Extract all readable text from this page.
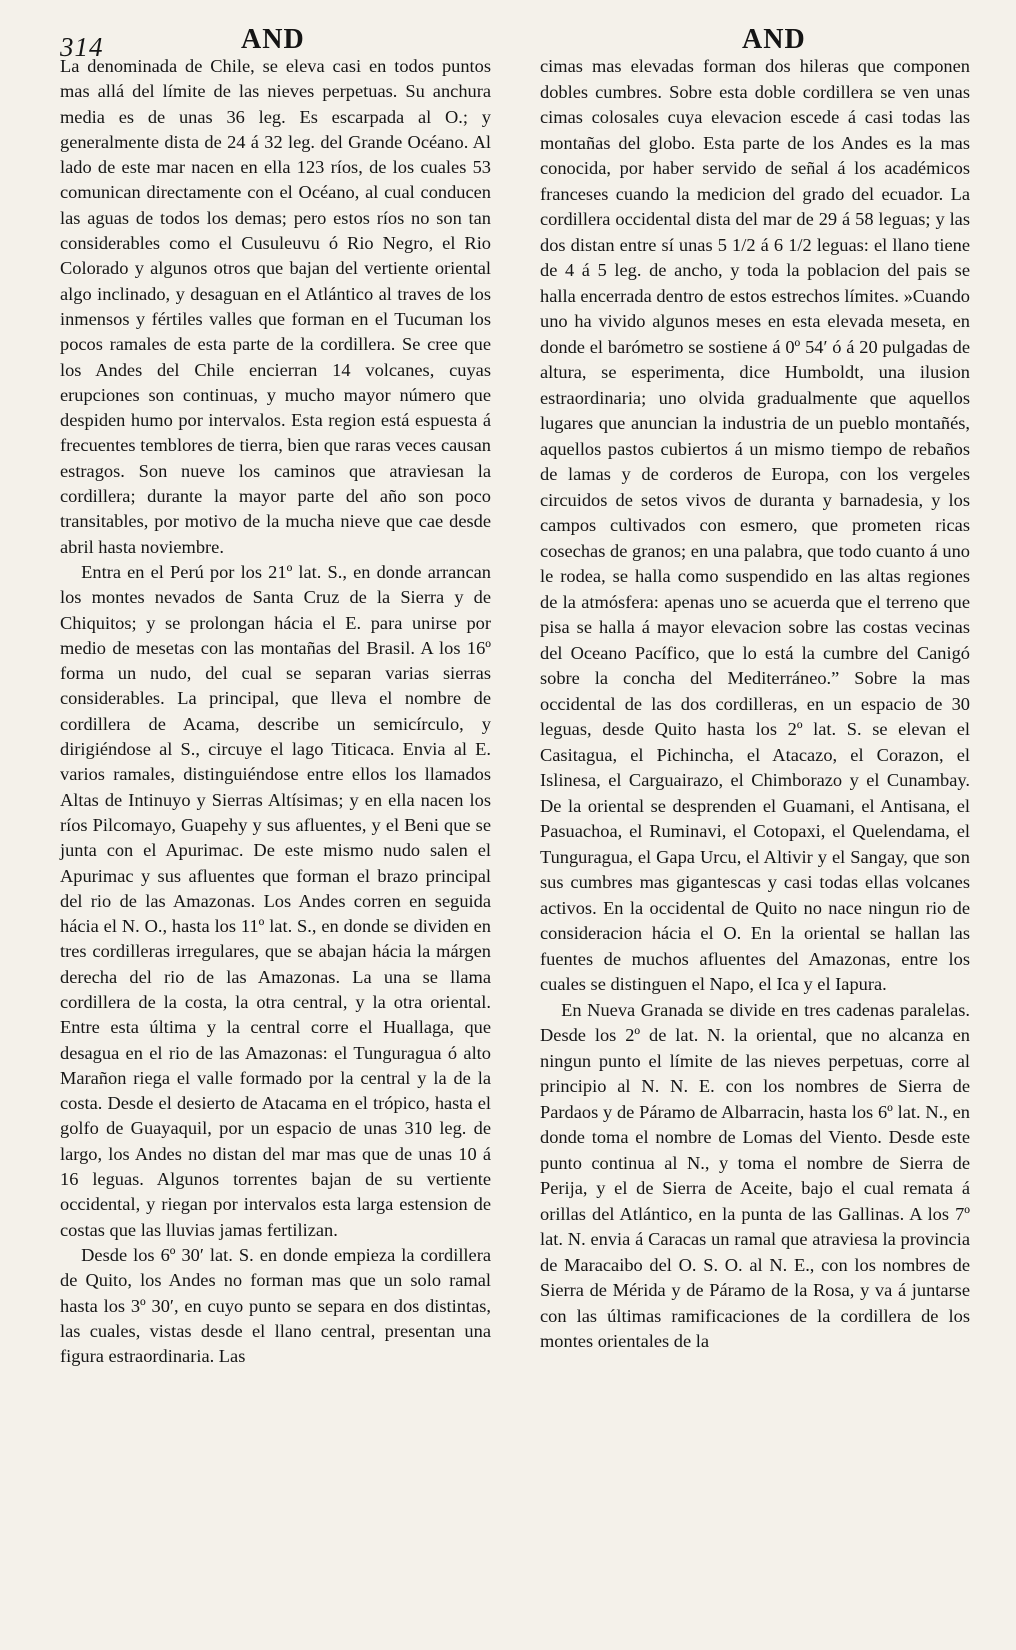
314	AND	AND

La denominada de Chile, se eleva casi en todos puntos mas allá del límite de las nieves perpetuas. Su anchura media es de unas 36 leg. Es escarpada al O.; y generalmente dista de 24 á 32 leg. del Grande Océano. Al lado de este mar nacen en ella 123 ríos, de los cuales 53 comunican directamente con el Océano, al cual conducen las aguas de todos los demas; pero estos ríos no son tan considerables como el Cusuleuvu ó Rio Negro, el Rio Colorado y algunos otros que bajan del vertiente oriental algo inclinado, y desaguan en el Atlántico al traves de los inmensos y fértiles valles que forman en el Tucuman los pocos ramales de esta parte de la cordillera. Se cree que los Andes del Chile encierran 14 volcanes, cuyas erupciones son continuas, y mucho mayor número que despiden humo por intervalos. Esta region está espuesta á frecuentes temblores de tierra, bien que raras veces causan estragos. Son nueve los caminos que atraviesan la cordillera; durante la mayor parte del año son poco transitables, por motivo de la mucha nieve que cae desde abril hasta noviembre.

Entra en el Perú por los 21º lat. S., en donde arrancan los montes nevados de Santa Cruz de la Sierra y de Chiquitos; y se prolongan hácia el E. para unirse por medio de mesetas con las montañas del Brasil. A los 16º forma un nudo, del cual se separan varias sierras considerables. La principal, que lleva el nombre de cordillera de Acama, describe un semicírculo, y dirigiéndose al S., circuye el lago Titicaca. Envia al E. varios ramales, distinguiéndose entre ellos los llamados Altas de Intinuyo y Sierras Altísimas; y en ella nacen los ríos Pilcomayo, Guapehy y sus afluentes, y el Beni que se junta con el Apurimac. De este mismo nudo salen el Apurimac y sus afluentes que forman el brazo principal del rio de las Amazonas. Los Andes corren en seguida hácia el N. O., hasta los 11º lat. S., en donde se dividen en tres cordilleras irregulares, que se abajan hácia la márgen derecha del rio de las Amazonas. La una se llama cordillera de la costa, la otra central, y la otra oriental. Entre esta última y la central corre el Huallaga, que desagua en el rio de las Amazonas: el Tunguragua ó alto Marañon riega el valle formado por la central y la de la costa. Desde el desierto de Atacama en el trópico, hasta el golfo de Guayaquil, por un espacio de unas 310 leg. de largo, los Andes no distan del mar mas que de unas 10 á 16 leguas. Algunos torrentes bajan de su vertiente occidental, y riegan por intervalos esta larga estension de costas que las lluvias jamas fertilizan.

Desde los 6º 30′ lat. S. en donde empieza la cordillera de Quito, los Andes no forman mas que un solo ramal hasta los 3º 30′, en cuyo punto se separa en dos distintas, las cuales, vistas desde el llano central, presentan una figura estraordinaria. Las

cimas mas elevadas forman dos hileras que componen dobles cumbres. Sobre esta doble cordillera se ven unas cimas colosales cuya elevacion escede á casi todas las montañas del globo. Esta parte de los Andes es la mas conocida, por haber servido de señal á los académicos franceses cuando la medicion del grado del ecuador. La cordillera occidental dista del mar de 29 á 58 leguas; y las dos distan entre sí unas 5 1/2 á 6 1/2 leguas: el llano tiene de 4 á 5 leg. de ancho, y toda la poblacion del pais se halla encerrada dentro de estos estrechos límites. »Cuando uno ha vivido algunos meses en esta elevada meseta, en donde el barómetro se sostiene á 0º 54′ ó á 20 pulgadas de altura, se esperimenta, dice Humboldt, una ilusion estraordinaria; uno olvida gradualmente que aquellos lugares que anuncian la industria de un pueblo montañés, aquellos pastos cubiertos á un mismo tiempo de rebaños de lamas y de corderos de Europa, con los vergeles circuidos de setos vivos de duranta y barnadesia, y los campos cultivados con esmero, que prometen ricas cosechas de granos; en una palabra, que todo cuanto á uno le rodea, se halla como suspendido en las altas regiones de la atmósfera: apenas uno se acuerda que el terreno que pisa se halla á mayor elevacion sobre las costas vecinas del Oceano Pacífico, que lo está la cumbre del Canigó sobre la concha del Mediterráneo.” Sobre la mas occidental de las dos cordilleras, en un espacio de 30 leguas, desde Quito hasta los 2º lat. S. se elevan el Casitagua, el Pichincha, el Atacazo, el Corazon, el Islinesa, el Carguairazo, el Chimborazo y el Cunambay. De la oriental se desprenden el Guamani, el Antisana, el Pasuachoa, el Ruminavi, el Cotopaxi, el Quelendama, el Tunguragua, el Gapa Urcu, el Altivir y el Sangay, que son sus cumbres mas gigantescas y casi todas ellas volcanes activos. En la occidental de Quito no nace ningun rio de consideracion hácia el O. En la oriental se hallan las fuentes de muchos afluentes del Amazonas, entre los cuales se distinguen el Napo, el Ica y el Iapura.

En Nueva Granada se divide en tres cadenas paralelas. Desde los 2º de lat. N. la oriental, que no alcanza en ningun punto el límite de las nieves perpetuas, corre al principio al N. N. E. con los nombres de Sierra de Pardaos y de Páramo de Albarracin, hasta los 6º lat. N., en donde toma el nombre de Lomas del Viento. Desde este punto continua al N., y toma el nombre de Sierra de Perija, y el de Sierra de Aceite, bajo el cual remata á orillas del Atlántico, en la punta de las Gallinas. A los 7º lat. N. envia á Caracas un ramal que atraviesa la provincia de Maracaibo del O. S. O. al N. E., con los nombres de Sierra de Mérida y de Páramo de la Rosa, y va á juntarse con las últimas ramificaciones de la cordillera de los montes orientales de la
